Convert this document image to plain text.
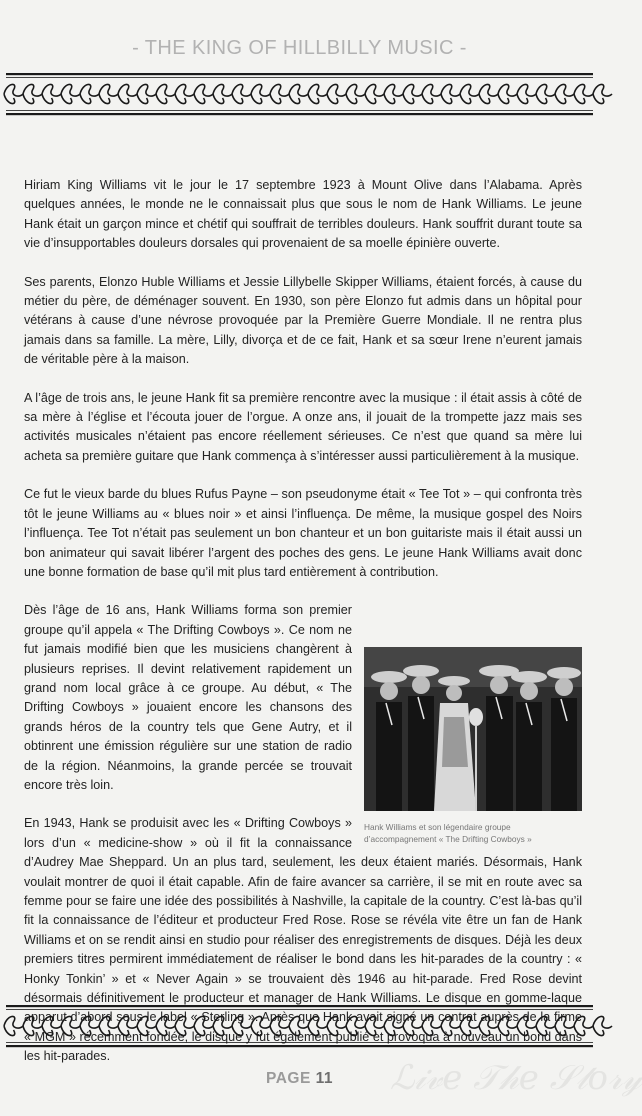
- THE KING OF HILLBILLY MUSIC -

Hiriam King Williams vit le jour le 17 septembre 1923 à Mount Olive dans l’Alabama. Après quelques années, le monde ne le connaissait plus que sous le nom de Hank Williams. Le jeune Hank était un garçon mince et chétif qui souffrait de terribles douleurs. Hank souffrit durant toute sa vie d’insupportables douleurs dorsales qui provenaient de sa moelle épinière ouverte.

Ses parents, Elonzo Huble Williams et Jessie Lillybelle Skipper Williams, étaient forcés, à cause du métier du père, de déménager souvent. En 1930, son père Elonzo fut admis dans un hôpital pour vétérans à cause d’une névrose provoquée par la Première Guerre Mondiale. Il ne rentra plus jamais dans sa famille. La mère, Lilly, divorça et de ce fait, Hank et sa sœur Irene n’eurent jamais de véritable père à la maison.

A l’âge de trois ans, le jeune Hank fit sa première rencontre avec la musique : il était assis à côté de sa mère à l’église et l’écouta jouer de l’orgue. A onze ans, il jouait de la trompette jazz mais ses activités musicales n’étaient pas encore réellement sérieuses. Ce n’est que quand sa mère lui acheta sa première guitare que Hank commença à s’intéresser aussi particulièrement à la musique.

Ce fut le vieux barde du blues Rufus Payne – son pseudonyme était « Tee Tot » – qui confronta très tôt le jeune Williams au « blues noir » et ainsi l’influença. De même, la musique gospel des Noirs l’influença. Tee Tot n’était pas seulement un bon chanteur et un bon guitariste mais il était aussi un bon animateur qui savait libérer l’argent des poches des gens. Le jeune Hank Williams avait donc une bonne formation de base qu’il mit plus tard entièrement à contribution.

Hank Williams et son légendaire groupe
d’accompagnement « The Drifting Cowboys »

Dès l’âge de 16 ans, Hank Williams forma son premier groupe qu’il appela « The Drifting Cowboys ». Ce nom ne fut jamais modifié bien que les musiciens changèrent à plusieurs reprises. Il devint relativement rapidement un grand nom local grâce à ce groupe. Au début, « The Drifting Cowboys » jouaient encore les chansons des grands héros de la country tels que Gene Autry, et il obtinrent une émission régulière sur une station de radio de la région. Néanmoins, la grande percée se trouvait encore très loin.

En 1943, Hank se produisit avec les « Drifting Cowboys » lors d’un « medicine-show » où il fit la connaissance d’Audrey Mae Sheppard. Un an plus tard, seulement, les deux étaient mariés. Désormais, Hank voulait montrer de quoi il était capable. Afin de faire avancer sa carrière, il se mit en route avec sa femme pour se faire une idée des possibilités à Nashville, la capitale de la country. C’est là-bas qu’il fit la connaissance de l’éditeur et producteur Fred Rose. Rose se révéla vite être un fan de Hank Williams et on se rendit ainsi en studio pour réaliser des enregistrements de disques. Déjà les deux premiers titres permirent immédiatement de réaliser le bond dans les hit-parades de la country : « Honky Tonkin’ » et « Never Again » se trouvaient dès 1946 au hit-parade. Fred Rose devint désormais définitivement le producteur et manager de Hank Williams. Le disque en gomme-laque apparut d’abord sous le label « Sterling ». Après que Hank avait signé un contrat auprès de la firme « MGM » récemment fondée, le disque y fut également publié et provoqua à nouveau un bond dans les hit-parades.

ℒ𝒾𝓋𝑒 𝒯𝒽𝑒 𝒮𝓉𝑜𝓇𝓎
PAGE 11
